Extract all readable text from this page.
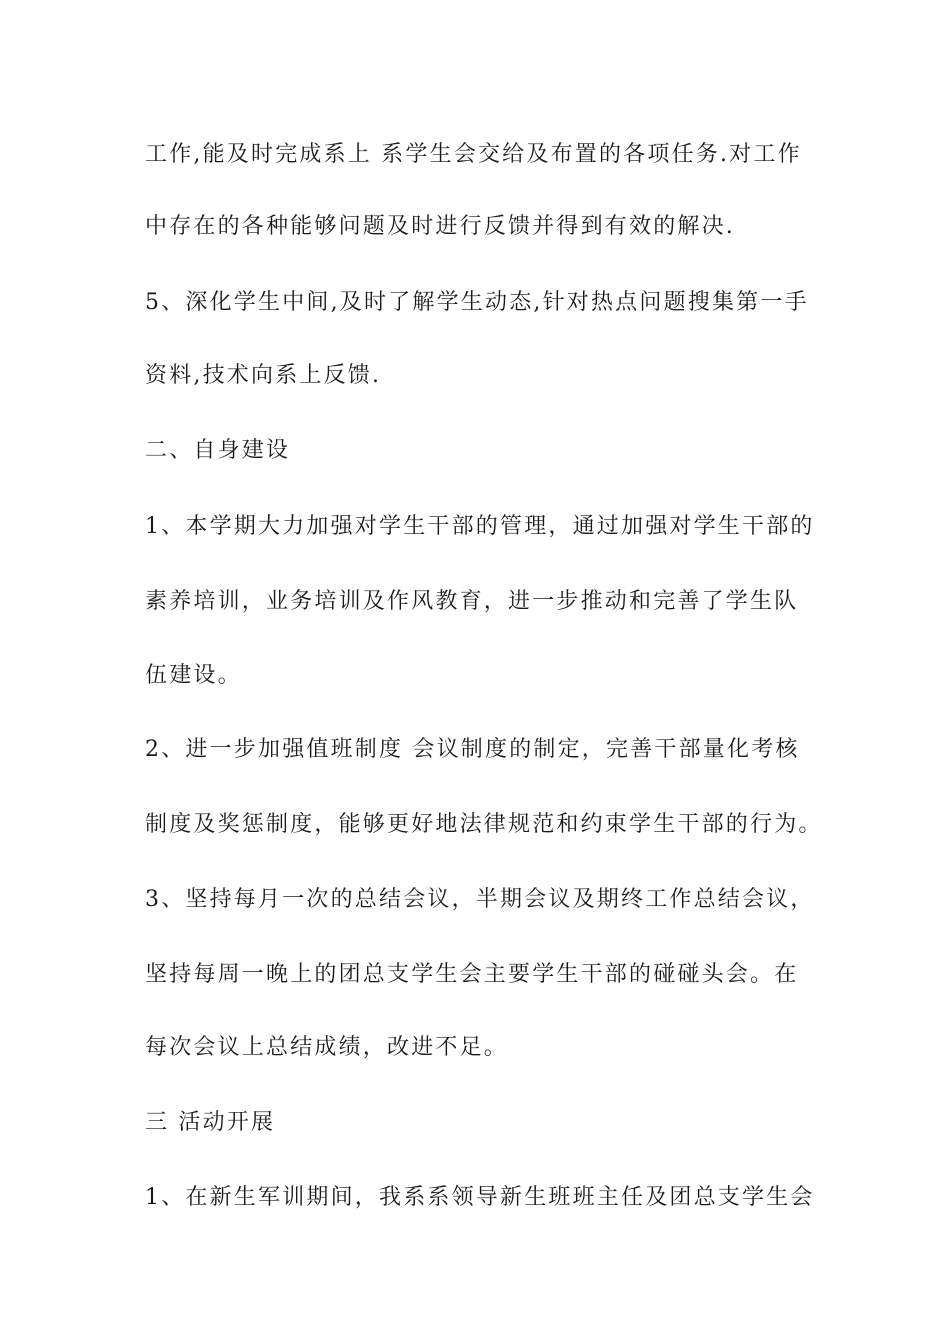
工作,能及时完成系上 系学生会交给及布置的各项任务.对工作
中存在的各种能够问题及时进行反馈并得到有效的解决.
5、深化学生中间,及时了解学生动态,针对热点问题搜集第一手
资料,技术向系上反馈.
二、自身建设
1、本学期大力加强对学生干部的管理，通过加强对学生干部的
素养培训，业务培训及作风教育，进一步推动和完善了学生队
伍建设。
2、进一步加强值班制度 会议制度的制定，完善干部量化考核
制度及奖惩制度，能够更好地法律规范和约束学生干部的行为。
3、坚持每月一次的总结会议，半期会议及期终工作总结会议，
坚持每周一晚上的团总支学生会主要学生干部的碰碰头会。在
每次会议上总结成绩，改进不足。
三 活动开展
1、在新生军训期间，我系系领导新生班班主任及团总支学生会
